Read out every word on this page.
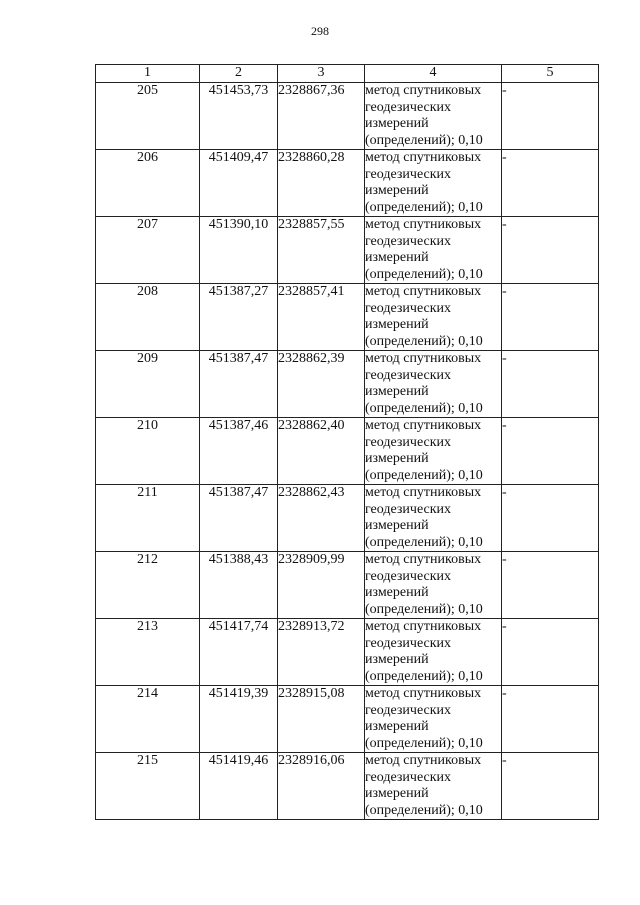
298
1	2	3	4	5
205	451453,73	2328867,36	метод спутниковых
геодезических
измерений
(определений); 0,10	-
206	451409,47	2328860,28	метод спутниковых
геодезических
измерений
(определений); 0,10	-
207	451390,10	2328857,55	метод спутниковых
геодезических
измерений
(определений); 0,10	-
208	451387,27	2328857,41	метод спутниковых
геодезических
измерений
(определений); 0,10	-
209	451387,47	2328862,39	метод спутниковых
геодезических
измерений
(определений); 0,10	-
210	451387,46	2328862,40	метод спутниковых
геодезических
измерений
(определений); 0,10	-
211	451387,47	2328862,43	метод спутниковых
геодезических
измерений
(определений); 0,10	-
212	451388,43	2328909,99	метод спутниковых
геодезических
измерений
(определений); 0,10	-
213	451417,74	2328913,72	метод спутниковых
геодезических
измерений
(определений); 0,10	-
214	451419,39	2328915,08	метод спутниковых
геодезических
измерений
(определений); 0,10	-
215	451419,46	2328916,06	метод спутниковых
геодезических
измерений
(определений); 0,10	-
